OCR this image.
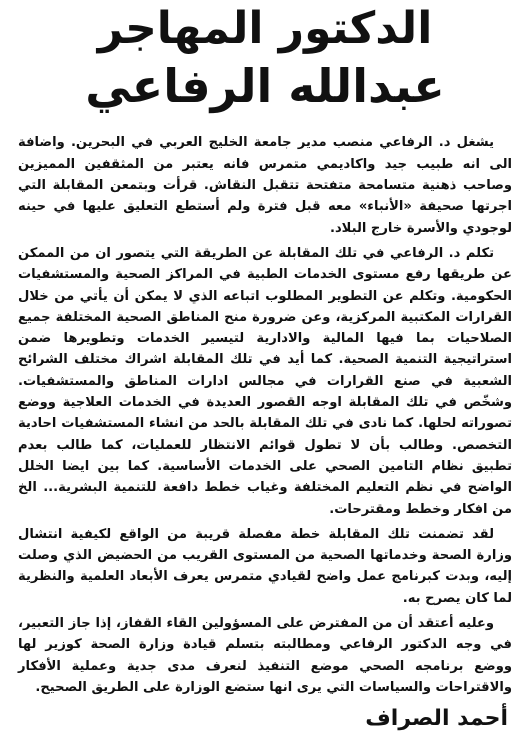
الدكتور المهاجر
عبدالله الرفاعي

يشغل د. الرفاعي منصب مدير جامعة الخليج العربي في البحرين. واضافة الى انه طبيب جيد واكاديمي متمرس فانه يعتبر من المثقفين المميزين وصاحب ذهنية متسامحة متفتحة تتقبل النقاش. قرأت وبتمعن المقابلة التي اجرتها صحيفة «الأنباء» معه قبل فترة ولم أستطع التعليق عليها في حينه لوجودي والأسرة خارج البلاد.

تكلم د. الرفاعي في تلك المقابلة عن الطريقة التي يتصور ان من الممكن عن طريقها رفع مستوى الخدمات الطبية في المراكز الصحية والمستشفيات الحكومية. وتكلم عن التطوير المطلوب اتباعه الذي لا يمكن أن يأتي من خلال القرارات المكتبية المركزية، وعن ضرورة منح المناطق الصحية المختلفة جميع الصلاحيات بما فيها المالية والادارية لتيسير الخدمات وتطويرها ضمن استراتيجية التنمية الصحية. كما أيد في تلك المقابلة اشراك مختلف الشرائح الشعبية في صنع القرارات في مجالس ادارات المناطق والمستشفيات. وشخّص في تلك المقابلة اوجه القصور العديدة في الخدمات العلاجية ووضع تصوراته لحلها. كما نادى في تلك المقابلة بالحد من انشاء المستشفيات احادية التخصص. وطالب بأن لا تطول قوائم الانتظار للعمليات، كما طالب بعدم تطبيق نظام التامين الصحي على الخدمات الأساسية. كما بين ايضا الخلل الواضح في نظم التعليم المختلفة وغياب خطط دافعة للتنمية البشرية... الخ من افكار وخطط ومقترحات.

لقد تضمنت تلك المقابلة خطة مفصلة قريبة من الواقع لكيفية انتشال وزارة الصحة وخدماتها الصحية من المستوى القريب من الحضيض الذي وصلت إليه، وبدت كبرنامج عمل واضح لقيادي متمرس يعرف الأبعاد العلمية والنظرية لما كان يصرح به.

وعليه أعتقد أن من المفترض على المسؤولين القاء القفاز، إذا جاز التعبير، في وجه الدكتور الرفاعي ومطالبته بتسلم قيادة وزارة الصحة كوزير لها ووضع برنامجه الصحي موضع التنفيذ لنعرف مدى جدية وعملية الأفكار والاقتراحات والسياسات التي يرى انها ستضع الوزارة على الطريق الصحيح.

أحمد الصراف
